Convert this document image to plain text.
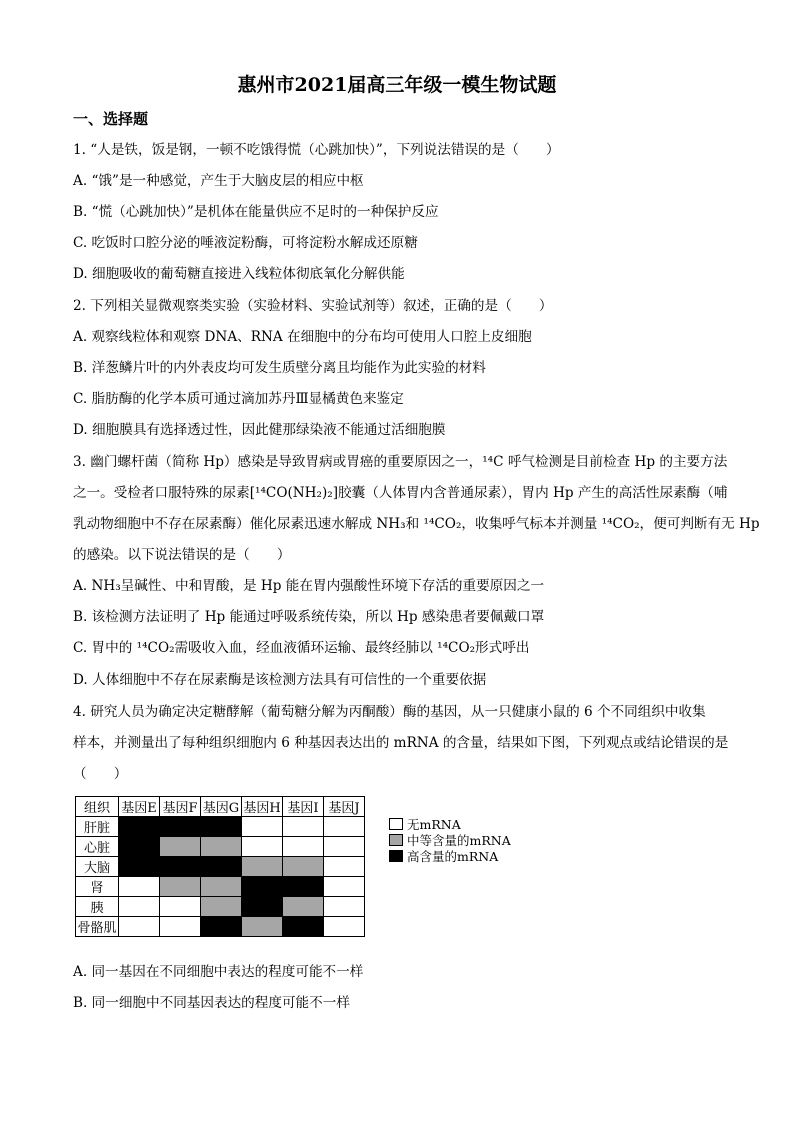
惠州市2021届高三年级一模生物试题
一、选择题
1. “人是铁，饭是钢，一顿不吃饿得慌（心跳加快）”，下列说法错误的是（　　）
A. “饿”是一种感觉，产生于大脑皮层的相应中枢
B. “慌（心跳加快）”是机体在能量供应不足时的一种保护反应
C. 吃饭时口腔分泌的唾液淀粉酶，可将淀粉水解成还原糖
D. 细胞吸收的葡萄糖直接进入线粒体彻底氧化分解供能
2. 下列相关显微观察类实验（实验材料、实验试剂等）叙述，正确的是（　　）
A. 观察线粒体和观察 DNA、RNA 在细胞中的分布均可使用人口腔上皮细胞
B. 洋葱鳞片叶的内外表皮均可发生质壁分离且均能作为此实验的材料
C. 脂肪酶的化学本质可通过滴加苏丹Ⅲ显橘黄色来鉴定
D. 细胞膜具有选择透过性，因此健那绿染液不能通过活细胞膜
3. 幽门螺杆菌（简称 Hp）感染是导致胃病或胃癌的重要原因之一，¹⁴C 呼气检测是目前检查 Hp 的主要方法
之一。受检者口服特殊的尿素[¹⁴CO(NH₂)₂]胶囊（人体胃内含普通尿素），胃内 Hp 产生的高活性尿素酶（哺
乳动物细胞中不存在尿素酶）催化尿素迅速水解成 NH₃和 ¹⁴CO₂，收集呼气标本并测量 ¹⁴CO₂，便可判断有无 Hp
的感染。以下说法错误的是（　　）
A. NH₃呈碱性、中和胃酸，是 Hp 能在胃内强酸性环境下存活的重要原因之一
B. 该检测方法证明了 Hp 能通过呼吸系统传染，所以 Hp 感染患者要佩戴口罩
C. 胃中的 ¹⁴CO₂需吸收入血，经血液循环运输、最终经肺以 ¹⁴CO₂形式呼出
D. 人体细胞中不存在尿素酶是该检测方法具有可信性的一个重要依据
4. 研究人员为确定决定糖酵解（葡萄糖分解为丙酮酸）酶的基因，从一只健康小鼠的 6 个不同组织中收集
样本，并测量出了每种组织细胞内 6 种基因表达出的 mRNA 的含量，结果如下图，下列观点或结论错误的是
（　　）
组织	基因E	基因F	基因G	基因H	基因I	基因J
肝脏						
心脏						
大脑						
肾						
胰						
骨骼肌						
无mRNA
中等含量的mRNA
高含量的mRNA
A. 同一基因在不同细胞中表达的程度可能不一样
B. 同一细胞中不同基因表达的程度可能不一样
